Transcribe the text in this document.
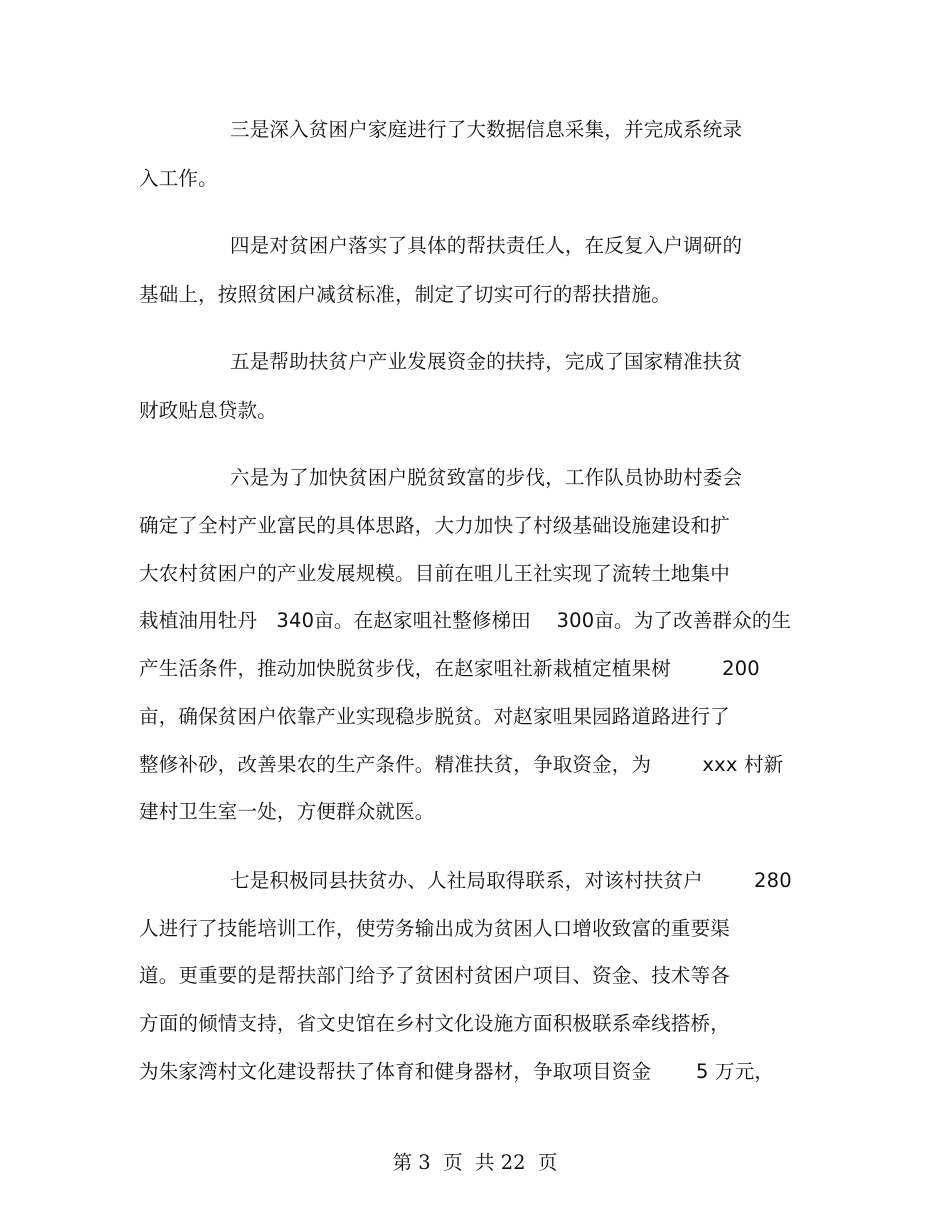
三是深入贫困户家庭进行了大数据信息采集，并完成系统录
入工作。
四是对贫困户落实了具体的帮扶责任人，在反复入户调研的
基础上，按照贫困户减贫标准，制定了切实可行的帮扶措施。
五是帮助扶贫户产业发展资金的扶持，完成了国家精准扶贫
财政贴息贷款。
六是为了加快贫困户脱贫致富的步伐，工作队员协助村委会
确定了全村产业富民的具体思路，大力加快了村级基础设施建设和扩
大农村贫困户的产业发展规模。目前在咀儿王社实现了流转土地集中
栽植油用牡丹   340亩。在赵家咀社整修梯田    300亩。为了改善群众的生
产生活条件，推动加快脱贫步伐，在赵家咀社新栽植定植果树        200
亩，确保贫困户依靠产业实现稳步脱贫。对赵家咀果园路道路进行了
整修补砂，改善果农的生产条件。精准扶贫，争取资金，为        xxx 村新
建村卫生室一处，方便群众就医。
七是积极同县扶贫办、人社局取得联系，对该村扶贫户        280
人进行了技能培训工作，使劳务输出成为贫困人口增收致富的重要渠
道。更重要的是帮扶部门给予了贫困村贫困户项目、资金、技术等各
方面的倾情支持，省文史馆在乡村文化设施方面积极联系牵线搭桥，
为朱家湾村文化建设帮扶了体育和健身器材，争取项目资金       5 万元，
第 3  页  共 22  页
